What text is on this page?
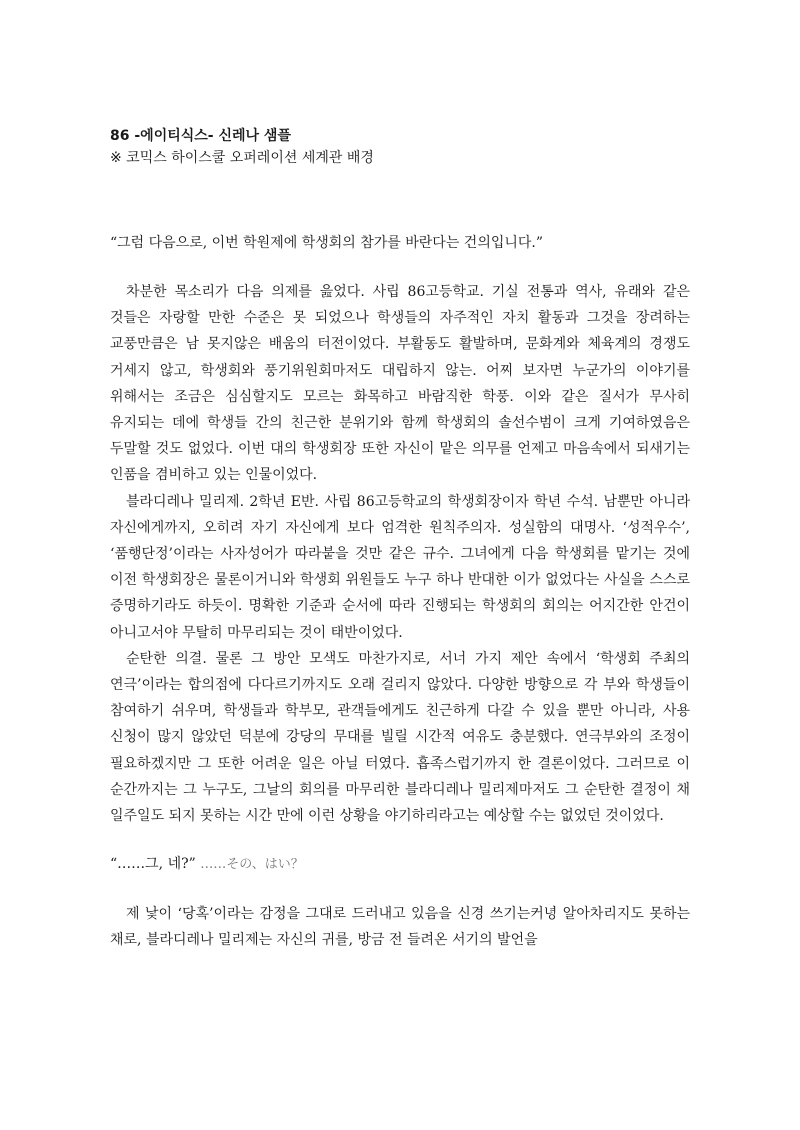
86 -에이티식스- 신레나 샘플

※ 코믹스 하이스쿨 오퍼레이션 세계관 배경

“그럼 다음으로, 이번 학원제에 학생회의 참가를 바란다는 건의입니다.”

차분한 목소리가 다음 의제를 읊었다. 사립 86고등학교. 기실 전통과 역사, 유래와 같은 것들은 자랑할 만한 수준은 못 되었으나 학생들의 자주적인 자치 활동과 그것을 장려하는 교풍만큼은 남 못지않은 배움의 터전이었다. 부활동도 활발하며, 문화계와 체육계의 경쟁도 거세지 않고, 학생회와 풍기위원회마저도 대립하지 않는. 어찌 보자면 누군가의 이야기를 위해서는 조금은 심심할지도 모르는 화목하고 바람직한 학풍. 이와 같은 질서가 무사히 유지되는 데에 학생들 간의 친근한 분위기와 함께 학생회의 솔선수범이 크게 기여하였음은 두말할 것도 없었다. 이번 대의 학생회장 또한 자신이 맡은 의무를 언제고 마음속에서 되새기는 인품을 겸비하고 있는 인물이었다.

블라디레나 밀리제. 2학년 E반. 사립 86고등학교의 학생회장이자 학년 수석. 남뿐만 아니라 자신에게까지, 오히려 자기 자신에게 보다 엄격한 원칙주의자. 성실함의 대명사. ‘성적우수’, ‘품행단정’이라는 사자성어가 따라붙을 것만 같은 규수. 그녀에게 다음 학생회를 맡기는 것에 이전 학생회장은 물론이거니와 학생회 위원들도 누구 하나 반대한 이가 없었다는 사실을 스스로 증명하기라도 하듯이. 명확한 기준과 순서에 따라 진행되는 학생회의 회의는 어지간한 안건이 아니고서야 무탈히 마무리되는 것이 태반이었다.

순탄한 의결. 물론 그 방안 모색도 마찬가지로, 서너 가지 제안 속에서 ‘학생회 주최의 연극’이라는 합의점에 다다르기까지도 오래 걸리지 않았다. 다양한 방향으로 각 부와 학생들이 참여하기 쉬우며, 학생들과 학부모, 관객들에게도 친근하게 다갈 수 있을 뿐만 아니라, 사용 신청이 많지 않았던 덕분에 강당의 무대를 빌릴 시간적 여유도 충분했다. 연극부와의 조정이 필요하겠지만 그 또한 어려운 일은 아닐 터였다. 흡족스럽기까지 한 결론이었다. 그러므로 이 순간까지는 그 누구도, 그날의 회의를 마무리한 블라디레나 밀리제마저도 그 순탄한 결정이 채 일주일도 되지 못하는 시간 만에 이런 상황을 야기하리라고는 예상할 수는 없었던 것이었다.

“……그, 네?” ……その、はい？

제 낯이 ‘당혹’이라는 감정을 그대로 드러내고 있음을 신경 쓰기는커녕 알아차리지도 못하는 채로, 블라디레나 밀리제는 자신의 귀를, 방금 전 들려온 서기의 발언을
